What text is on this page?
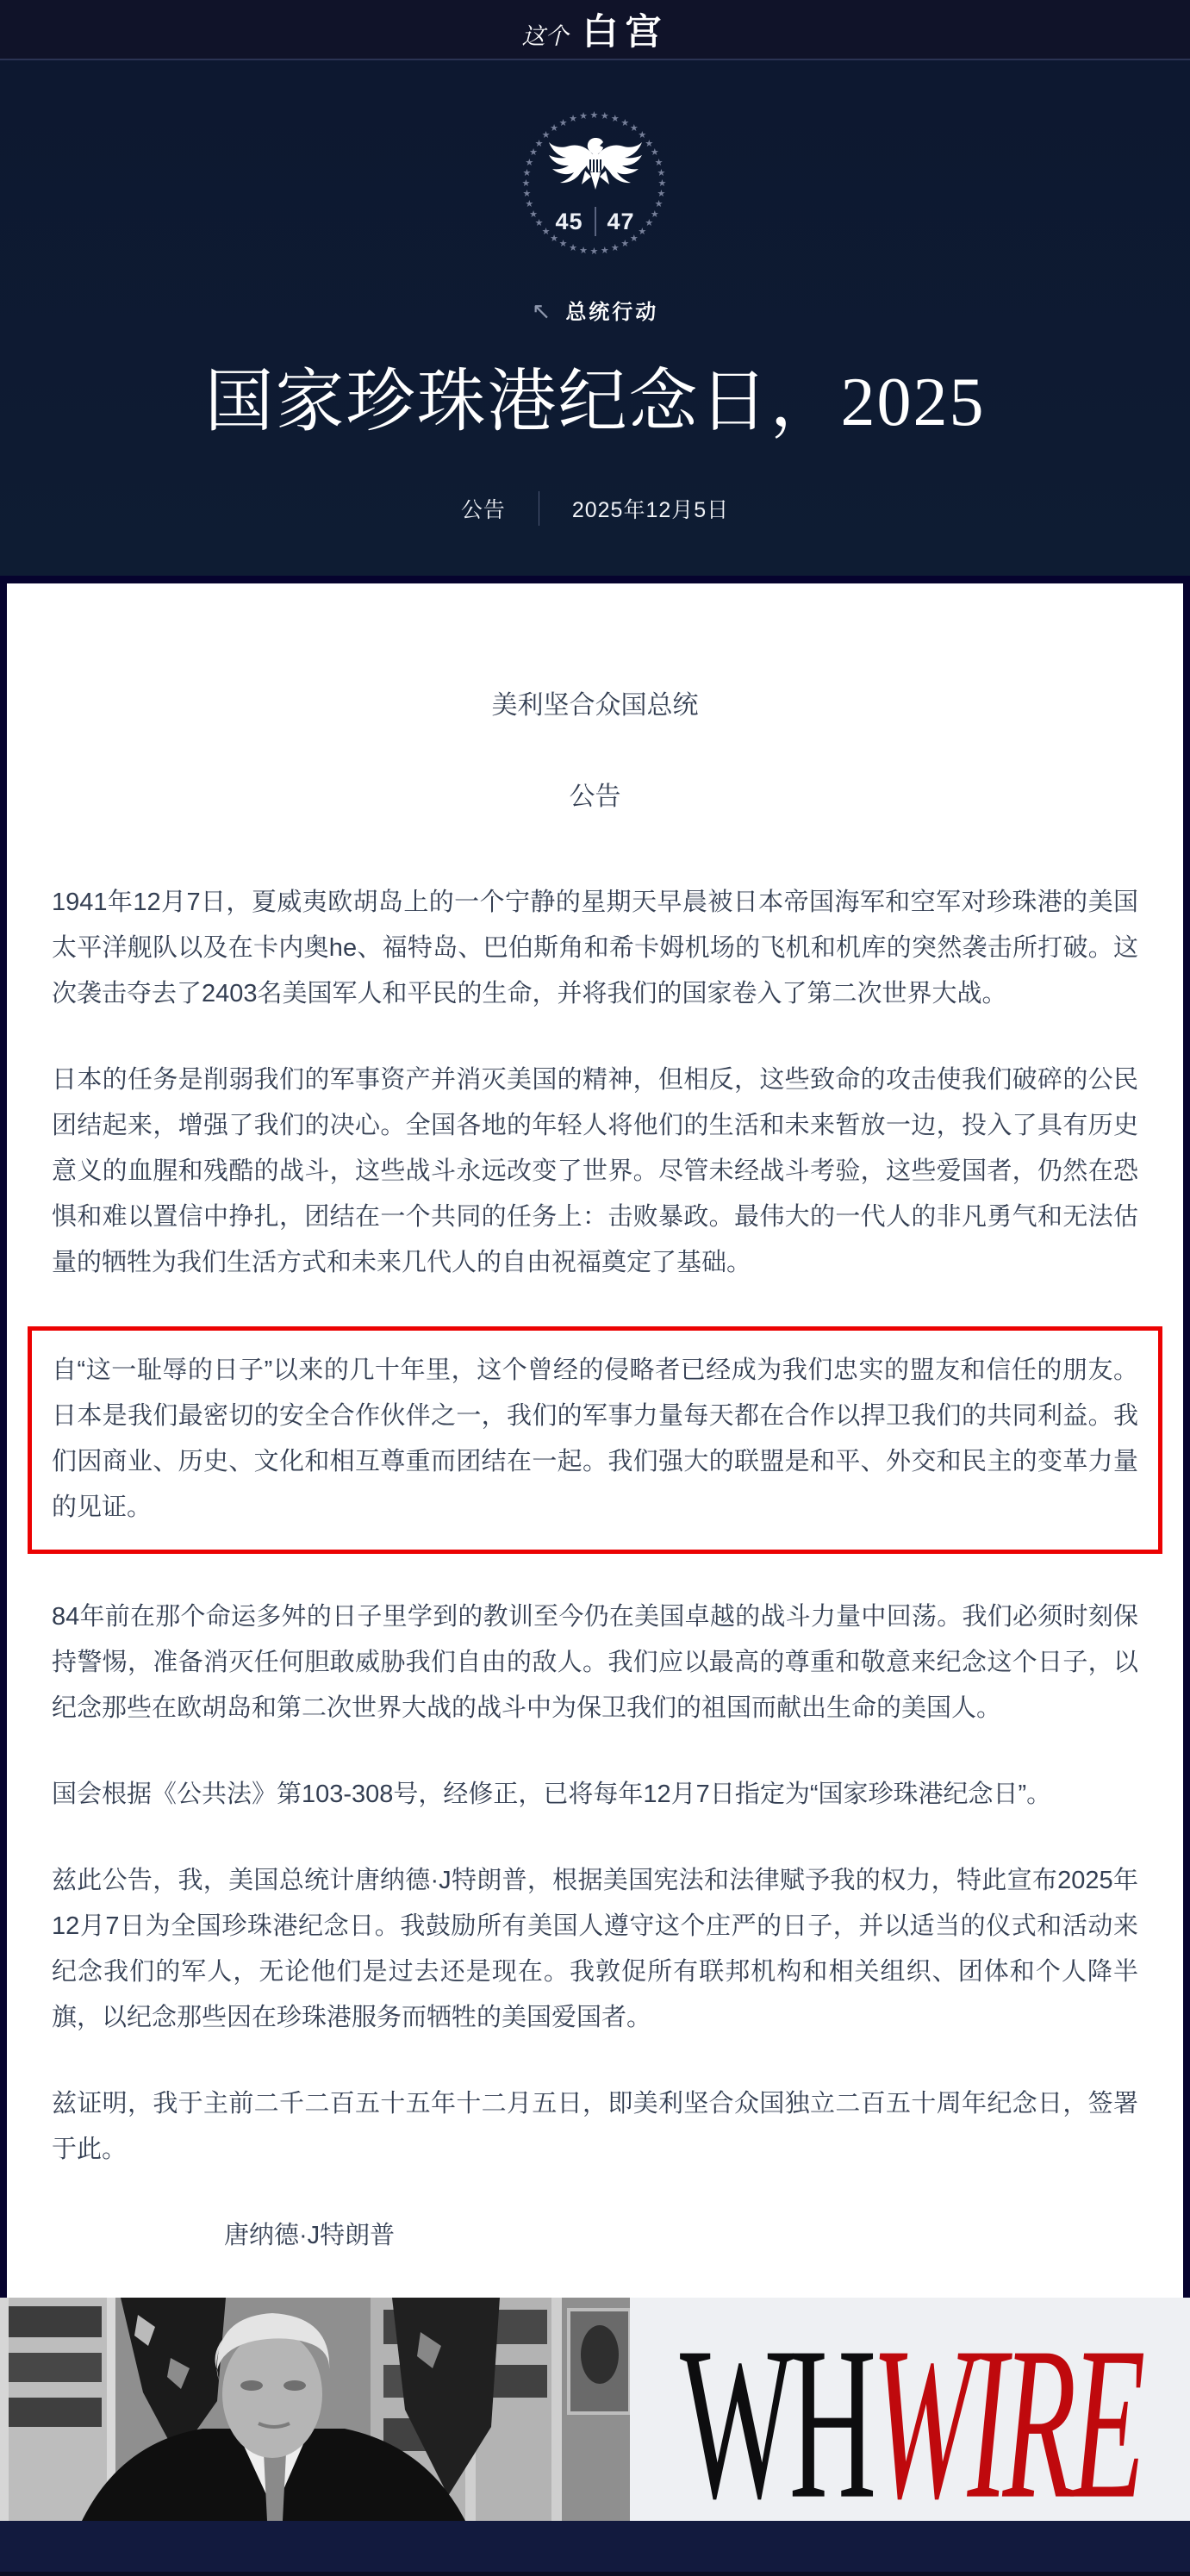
这个 白宫
★ ★ ★ ★
★
★
★
★
★
★
★
★
★
★
★
★
★
★
★
★
★
★
★
★
★
★
★
★
★
★
★
★
★
★
★
★
★
★ ★ ★
45 47
↖ 总统行动
国家珍珠港纪念日，2025
公告	2025年12月5日
美利坚合众国总统
公告

1941年12月7日，夏威夷欧胡岛上的一个宁静的星期天早晨被日本帝国海军和空军对珍珠港的美国太平洋舰队以及在卡内奥he、福特岛、巴伯斯角和希卡姆机场的飞机和机库的突然袭击所打破。这次袭击夺去了2403名美国军人和平民的生命，并将我们的国家卷入了第二次世界大战。

日本的任务是削弱我们的军事资产并消灭美国的精神，但相反，这些致命的攻击使我们破碎的公民团结起来，增强了我们的决心。全国各地的年轻人将他们的生活和未来暂放一边，投入了具有历史意义的血腥和残酷的战斗，这些战斗永远改变了世界。尽管未经战斗考验，这些爱国者，仍然在恐惧和难以置信中挣扎，团结在一个共同的任务上：击败暴政。最伟大的一代人的非凡勇气和无法估量的牺牲为我们生活方式和未来几代人的自由祝福奠定了基础。

自“这一耻辱的日子”以来的几十年里，这个曾经的侵略者已经成为我们忠实的盟友和信任的朋友。日本是我们最密切的安全合作伙伴之一，我们的军事力量每天都在合作以捍卫我们的共同利益。我们因商业、历史、文化和相互尊重而团结在一起。我们强大的联盟是和平、外交和民主的变革力量的见证。

84年前在那个命运多舛的日子里学到的教训至今仍在美国卓越的战斗力量中回荡。我们必须时刻保持警惕，准备消灭任何胆敢威胁我们自由的敌人。我们应以最高的尊重和敬意来纪念这个日子，以纪念那些在欧胡岛和第二次世界大战的战斗中为保卫我们的祖国而献出生命的美国人。

国会根据《公共法》第103-308号，经修正，已将每年12月7日指定为“国家珍珠港纪念日”。

兹此公告，我，美国总统计唐纳德·J特朗普，根据美国宪法和法律赋予我的权力，特此宣布2025年12月7日为全国珍珠港纪念日。我鼓励所有美国人遵守这个庄严的日子，并以适当的仪式和活动来纪念我们的军人，无论他们是过去还是现在。我敦促所有联邦机构和相关组织、团体和个人降半旗，以纪念那些因在珍珠港服务而牺牲的美国爱国者。

兹证明，我于主前二千二百五十五年十二月五日，即美利坚合众国独立二百五十周年纪念日，签署于此。

唐纳德·J特朗普

WHWIRE
